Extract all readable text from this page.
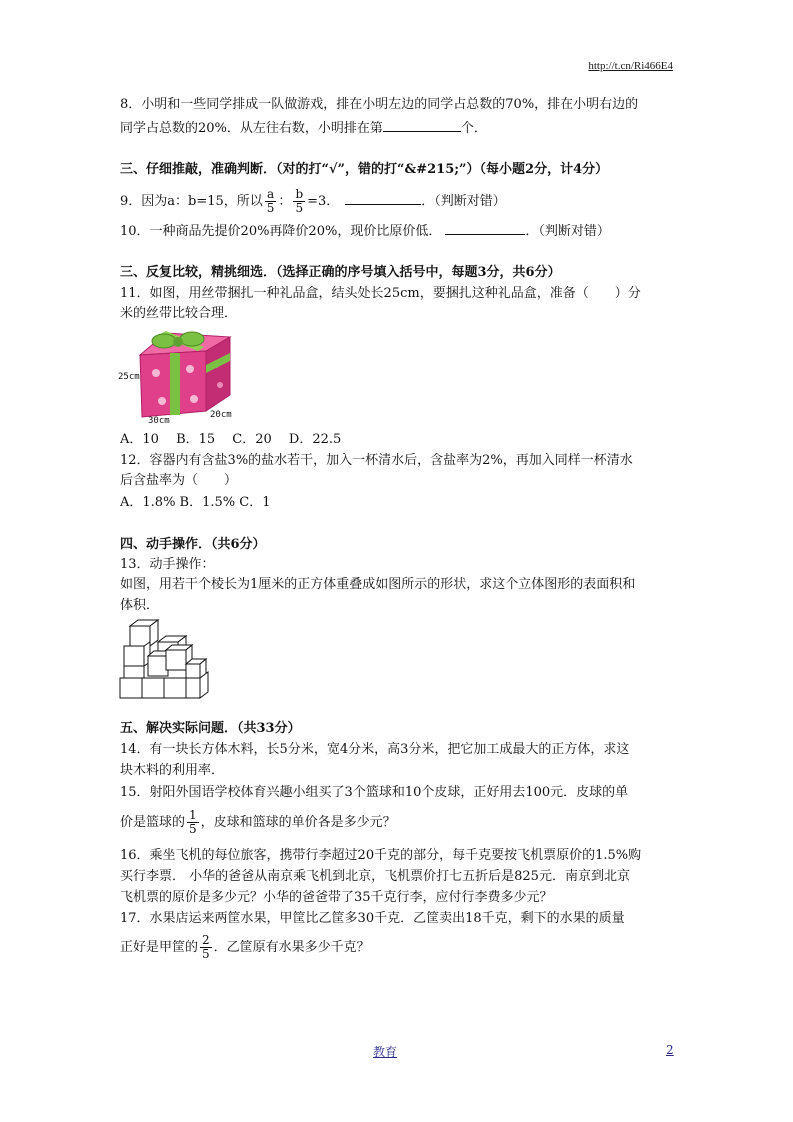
http://t.cn/Ri466E4
8．小明和一些同学排成一队做游戏，排在小明左边的同学占总数的70%，排在小明右边的
同学占总数的20%．从左往右数，小明排在第	个．
三、仔细推敲，准确判断．（对的打“√”，错的打“&#215;”）（每小题2分，计4分）
9．因为a：b=15，所以 $\frac{a}{5}$ ： $\frac{b}{5} =3$．	．（判断对错）
10．一种商品先提价20%再降价20%，现价比原价低．	．（判断对错）
三、反复比较，精挑细选．（选择正确的序号填入括号中，每题3分，共6分）
11．如图，用丝带捆扎一种礼品盒，结头处长25cm，要捆扎这种礼品盒，准备（　　）分
米的丝带比较合理．
25cm
30cm
20cm
A．10　 B．15　 C．20　 D．22.5
12．容器内有含盐3%的盐水若干，加入一杯清水后，含盐率为2%，再加入同样一杯清水
后含盐率为（　　）
A．1.8% B．1.5% C．1
四、动手操作．（共6分）
13．动手操作：
如图，用若干个棱长为1厘米的正方体重叠成如图所示的形状，求这个立体图形的表面积和
体积．
五、解决实际问题．（共33分）
14．有一块长方体木料，长5分米，宽4分米，高3分米，把它加工成最大的正方体，求这
块木料的利用率．
15．射阳外国语学校体育兴趣小组买了3个篮球和10个皮球，正好用去100元．皮球的单
价是篮球的 $\frac{1}{5}$ ，皮球和篮球的单价各是多少元？
16．乘坐飞机的每位旅客，携带行李超过20千克的部分，每千克要按飞机票原价的1.5%购
买行李票． 小华的爸爸从南京乘飞机到北京，飞机票价打七五折后是825元．南京到北京
飞机票的原价是多少元？小华的爸爸带了35千克行李，应付行李费多少元？
17．水果店运来两筐水果，甲筐比乙筐多30千克．乙筐卖出18千克，剩下的水果的质量
正好是甲筐的 $\frac{2}{5}$ ．乙筐原有水果多少千克？
教育	2
